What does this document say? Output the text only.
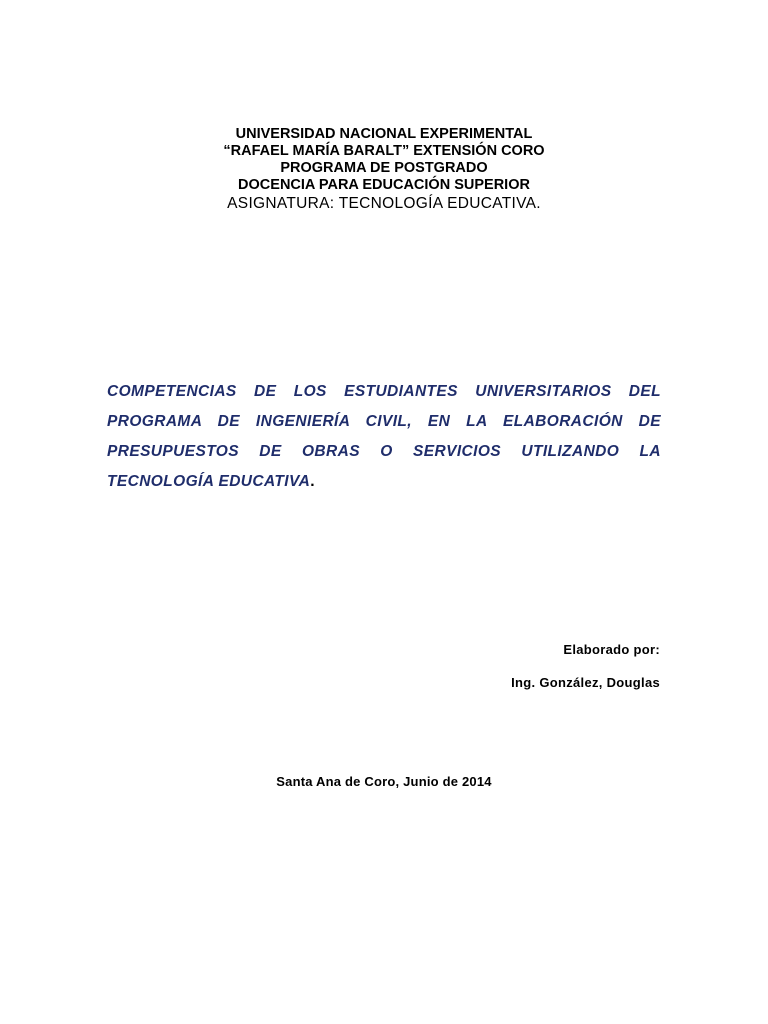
UNIVERSIDAD NACIONAL EXPERIMENTAL
“RAFAEL MARÍA BARALT” EXTENSIÓN CORO
PROGRAMA DE POSTGRADO
DOCENCIA PARA EDUCACIÓN SUPERIOR
ASIGNATURA: TECNOLOGÍA EDUCATIVA.
COMPETENCIAS DE LOS ESTUDIANTES UNIVERSITARIOS DEL PROGRAMA DE INGENIERÍA CIVIL, EN LA ELABORACIÓN DE PRESUPUESTOS DE OBRAS O SERVICIOS UTILIZANDO LA TECNOLOGÍA EDUCATIVA.
Elaborado por:
Ing. González, Douglas
Santa Ana de Coro, Junio de 2014
